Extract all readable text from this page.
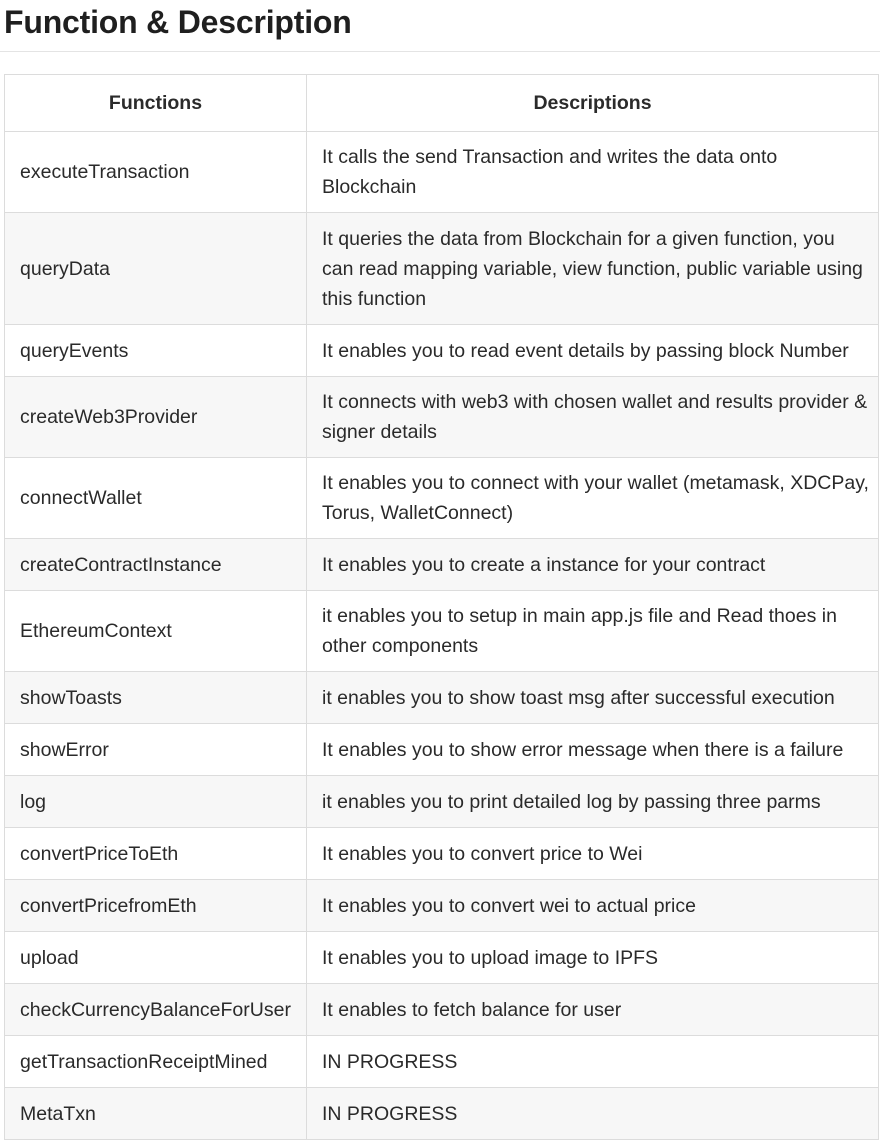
Function & Description
Functions	Descriptions
executeTransaction	It calls the send Transaction and writes the data onto Blockchain
queryData	It queries the data from Blockchain for a given function, you can read mapping variable, view function, public variable using this function
queryEvents	It enables you to read event details by passing block Number
createWeb3Provider	It connects with web3 with chosen wallet and results provider & signer details
connectWallet	It enables you to connect with your wallet (metamask, XDCPay, Torus, WalletConnect)
createContractInstance	It enables you to create a instance for your contract
EthereumContext	it enables you to setup in main app.js file and Read thoes in other components
showToasts	it enables you to show toast msg after successful execution
showError	It enables you to show error message when there is a failure
log	it enables you to print detailed log by passing three parms
convertPriceToEth	It enables you to convert price to Wei
convertPricefromEth	It enables you to convert wei to actual price
upload	It enables you to upload image to IPFS
checkCurrencyBalanceForUser	It enables to fetch balance for user
getTransactionReceiptMined	IN PROGRESS
MetaTxn	IN PROGRESS
